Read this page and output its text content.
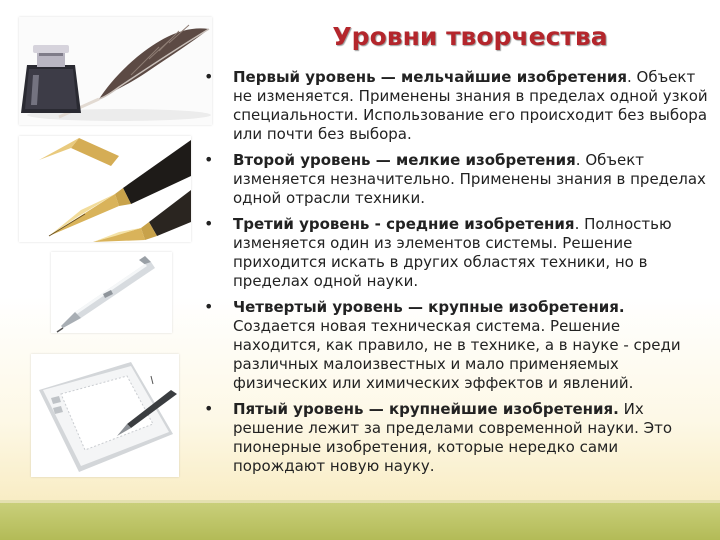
Уровни творчества
• Первый уровень — мельчайшие изобретения. Объект не изменяется. Применены знания в пределах одной узкой специальности. Использование его происходит без выбора или почти без выбора.
• Второй уровень — мелкие изобретения. Объект изменяется незначительно. Применены знания в пределах одной отрасли техники.
• Третий уровень - средние изобретения. Полностью изменяется один из элементов системы. Решение приходится искать в других областях техники, но в пределах одной науки.
• Четвертый уровень — крупные изобретения. Создается новая техническая система. Решение находится, как правило, не в технике, а в науке - среди различных малоизвестных и мало применяемых физических или химических эффектов и явлений.
• Пятый уровень — крупнейшие изобретения. Их решение лежит за пределами современной науки. Это пионерные изобретения, которые нередко сами порождают новую науку.
